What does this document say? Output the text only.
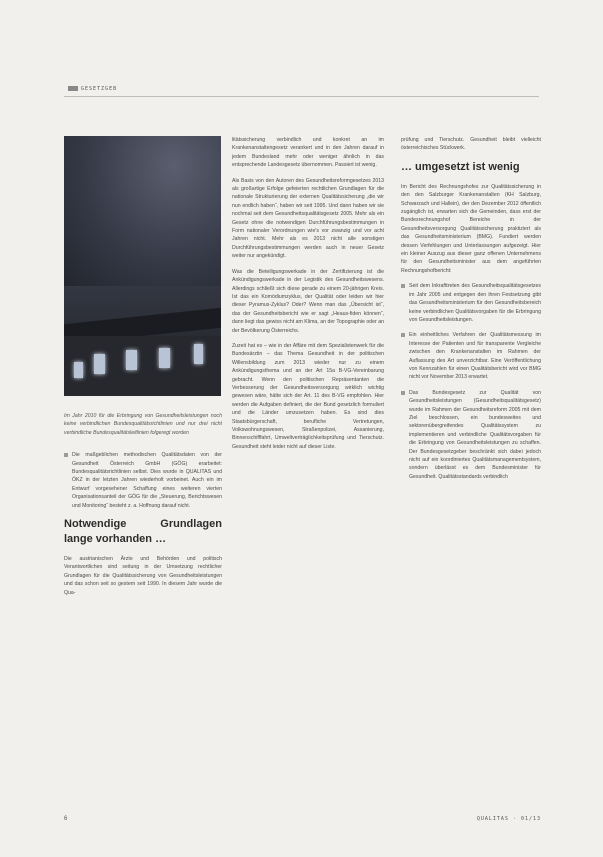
GESETZGEB

Im Jahr 2010 für die Erbringung von Gesundheitsleistungen noch keine verbindlichen Bundesqualitätsrichtlinien und nur drei nicht verbindliche Bundesqualitätsleitlinien folgeregt worden

Die maßgeblichen methodischen Qualitätsdaten von der Gesundheit Österreich GmbH (GÖG) erarbeitet: Bundesqualitätsrichtlinien selbst. Dies wurde in QUALITAS und ÖKZ in der letzten Jahren wiederholt vorbeinet. Auch ein im Entwurf vorgesehener Schaffung eines weiteren vierten Organisationsanteil der GÖG für die „Steuerung, Berichtswesen und Monitoring“ besteht z. a. Hoffnung darauf nicht.

Notwendige Grundlagen lange vorhanden …

Die austrianischen Ärzte und Behörden und politisch Verantwortlichen sind seitung in der Umsetzung rechtlicher Grundlagen für die Qualitätssicherung von Gesundheitsleistungen und das schon seit so gestern seit 1990. In diesem Jahr wurde die Qua-

litätssicherung verbindlich und konkret an im Krankenanstaltengesetz verankert und in den Jahren darauf in jedem Bundesland mehr oder weniger ähnlich in das entsprechende Landesgesetz übernommen. Passiert ist wenig.

Als Basis von den Autoren des Gesundheitsreformgesetzes 2013 als großartige Erfolge gefeierten rechtlichen Grundlagen für die nationale Strukturierung der externen Qualitätssicherung „die wir nun endlich haben“, haben wir seit 1995. Und dann haben wir sie nochmal seit dem Gesundheitsqualitätsgesetz 2005. Mehr als ein Gesetz ohne die notwendigen Durchführungsbestimmungen in Form nationaler Verordnungen wie's vor zwanzig und vor acht Jahren nicht. Mehr als es 2013 nicht alle sonstigen Durchführungsbestimmungen werden auch in neuer Gesetz weiter nur angekündigt.

Was die Beteiligungswerkade in der Zertifizierung ist die Ankündigungswerkade in der Legistik des Gesundheitswesens. Allerdings schließt sich diese gerade zu einem 20-jährigen Kreis. Ist das ein Komödiumzyklus, der Qualität oder leiden wir hier dieser Pyramus-Zyklus? Oder? Wenn man das „Übersicht ist“, das der Gesundheitsbericht wie er sagt „Heaus-fiden können“, dann liegt das gewiss nicht am Klima, an der Topographie oder an der Bevölkerung Österreichs.

Zuzeit hat es – wie in der Affäre mit dem Spezialistenwerk für die Bundesärztin – das Thema Gesundheit in der politischen Willensbildung zum 2013 wieder nur zu einem Ankündigungsthema und an der Art 15a B-VG-Vereinbarung gebracht. Wenn den politischen Repräsentanten die Verbesserung der Gesundheitsversorgung wirklich wichtig gewesen wäre, hätte sich der Art. 11 des B-VG empfohlen. Hier werden die Aufgaben definiert, die der Bund gesetzlich formuliert und die Länder umzusetzen haben. Es sind dies Staatsbürgerschaft, berufliche Vertretungen, Volkswohnungswesen, Straßenpolizei, Assanierung, Binnenschifffahrt, Umweltverträglichkeitsprüfung und Tierschutz. Gesundheit steht leider nicht auf dieser Liste.

prüfung und Tierschutz. Gesundheit bleibt vielleicht österreichisches Stückwerk.

… umgesetzt ist wenig

Im Bericht des Rechnungshofes zur Qualitätssicherung in den den Salzburger Krankenanstalten (KH Salzburg, Schwarzach und Hallein), der den Dezember 2012 öffentlich zugänglich ist, erwarten sich die Gemeinden, dass erst der Bundesrechnungshof Bereiche in der Gesundheitsversorgung Qualitätssicherung praktiziert als das Gesundheitsministerium (BMG). Fundiert werden dessen Verfehlungen und Unterlassungen aufgezeigt. Hier ein kleiner Auszug aus dieser ganz offenen Unternehmens für den Gesundheitsminister aus dem angeführten Rechnungshofbericht:

Seit dem Inkrafttreten des Gesundheitsqualitätsgesetzes im Jahr 2005 und entgegen den ihren Festsetzung gibt das Gesundheitsministerium für den Gesundheitsbereich keine verbindlichen Qualitätsvorgaben für die Erbringung von Gesundheitsleistungen.

Ein einheitliches Verfahren der Qualitätsmessung im Interesse der Patienten und für transparente Vergleiche zwischen den Krankenanstalten im Rahmen der Auflassung des Art unverzichtbar. Eine Veröffentlichung von Kennzahlen für einen Qualitätsbericht wird vor BMG nicht vor November 2013 erwartet.

Das Bundesgesetz zur Qualität von Gesundheitsleistungen (Gesundheitsqualitätsgesetz) wurde im Rahmen der Gesundheitsreform 2005 mit dem Ziel beschlossen, ein bundesweites und sektorenübergreifendes Qualitätssystem zu implementieren und verbindliche Qualitätsvorgaben für die Erbringung von Gesundheitsleistungen zu schaffen. Der Bundesgesetzgeber beschränkt sich dabei jedoch nicht auf ein koordiniertes Qualitätsmanagementsystem, sondern überlässt es dem Bundesminister für Gesundheit. Qualitätsstandards verbindlich

6	QUALITAS · 01/13
